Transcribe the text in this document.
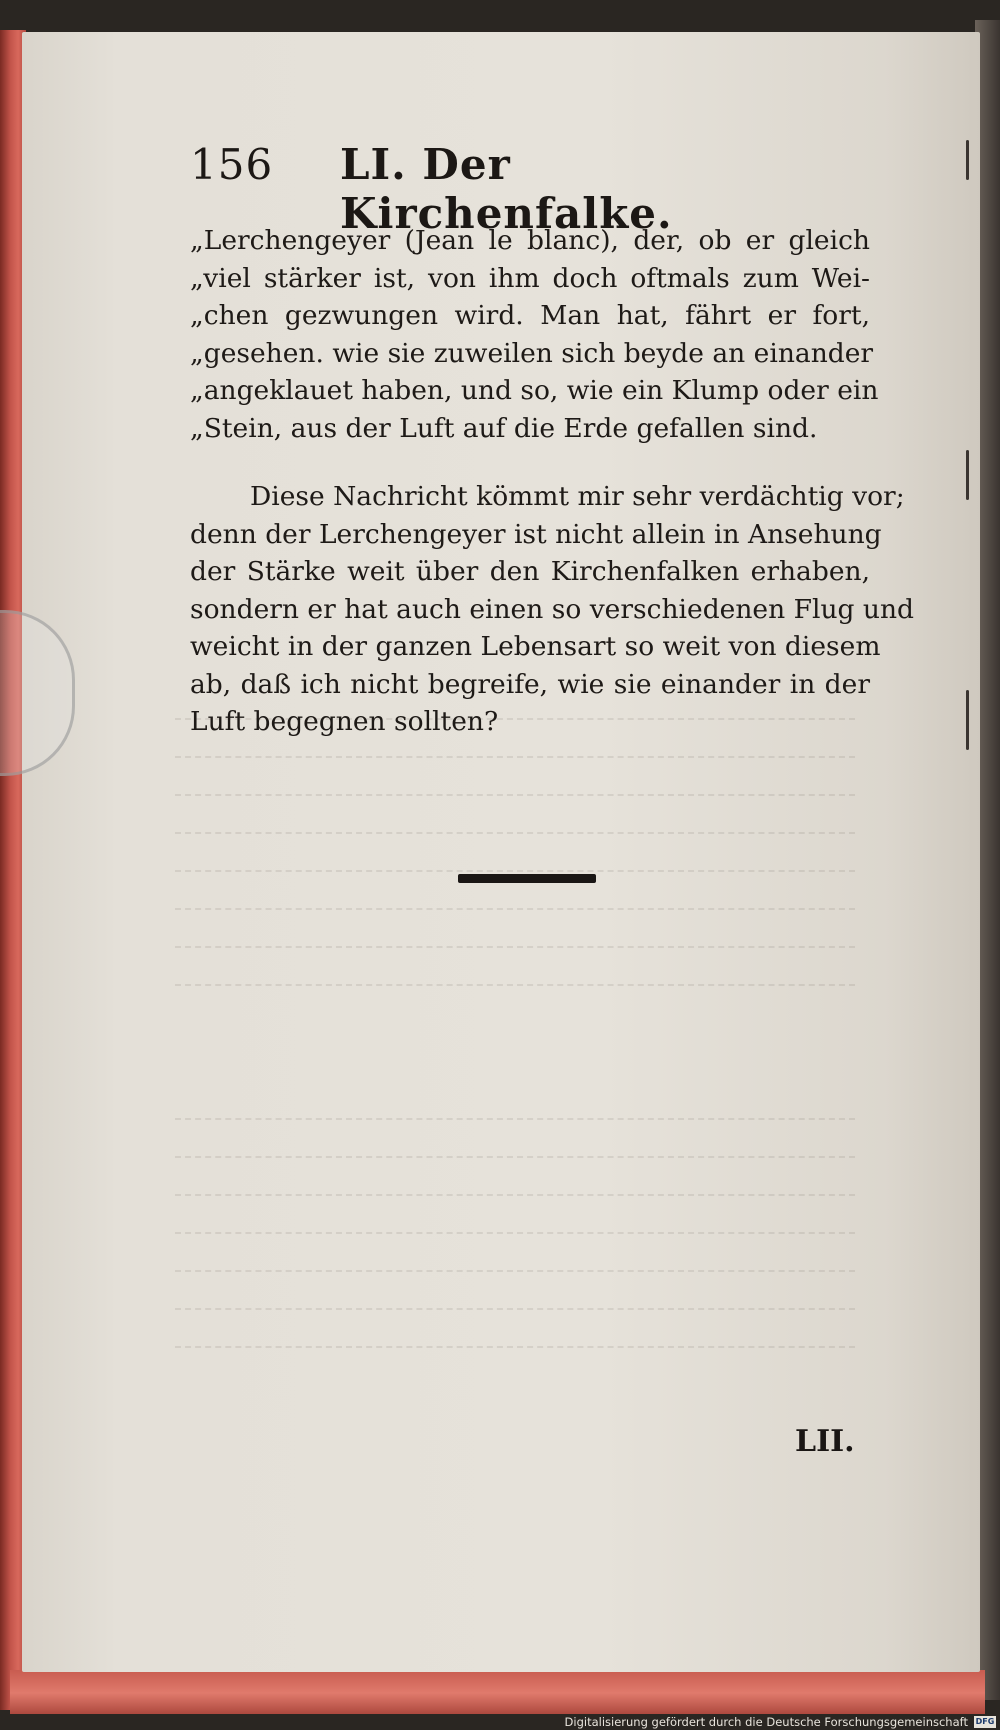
156 LI. Der Kirchenfalke.
„Lerchengeyer (Jean le blanc), der, ob er gleich
„viel stärker ist, von ihm doch oftmals zum Wei-
„chen gezwungen wird. Man hat, fährt er fort,
„gesehen. wie sie zuweilen sich beyde an einander
„angeklauet haben, und so, wie ein Klump oder ein
„Stein, aus der Luft auf die Erde gefallen sind.
Diese Nachricht kömmt mir sehr verdächtig vor;
denn der Lerchengeyer ist nicht allein in Ansehung
der Stärke weit über den Kirchenfalken erhaben,
sondern er hat auch einen so verschiedenen Flug und
weicht in der ganzen Lebensart so weit von diesem
ab, daß ich nicht begreife, wie sie einander in der
Luft begegnen sollten?
LII.
Digitalisierung gefördert durch die Deutsche Forschungsgemeinschaft DFG
